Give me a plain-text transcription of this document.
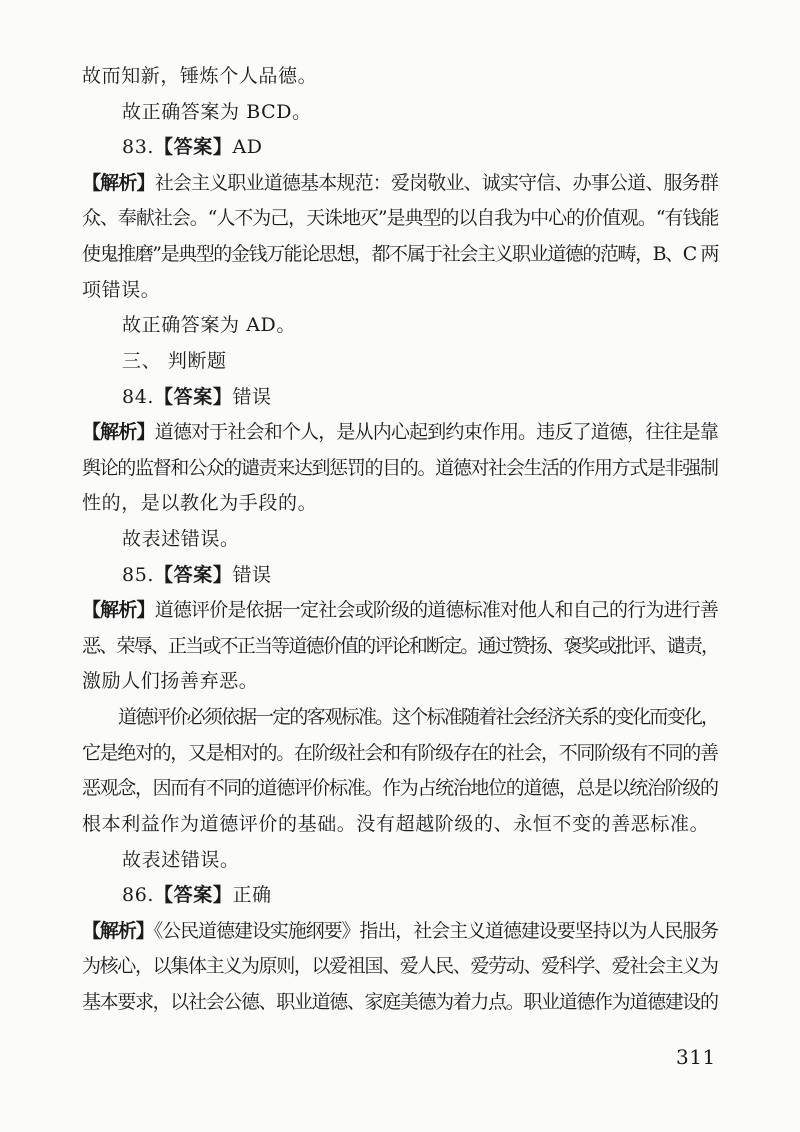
故而知新，锤炼个人品德。
故正确答案为 BCD。
83.【答案】AD
【解析】社会主义职业道德基本规范：爱岗敬业、诚实守信、办事公道、服务群
众、奉献社会。“人不为己，天诛地灭”是典型的以自我为中心的价值观。“有钱能
使鬼推磨”是典型的金钱万能论思想，都不属于社会主义职业道德的范畴，B、C 两
项错误。
故正确答案为 AD。
三、 判断题
84.【答案】错误
【解析】道德对于社会和个人，是从内心起到约束作用。违反了道德，往往是靠
舆论的监督和公众的谴责来达到惩罚的目的。道德对社会生活的作用方式是非强制
性的，是以教化为手段的。
故表述错误。
85.【答案】错误
【解析】道德评价是依据一定社会或阶级的道德标准对他人和自己的行为进行善
恶、荣辱、正当或不正当等道德价值的评论和断定。通过赞扬、褒奖或批评、谴责，
激励人们扬善弃恶。
道德评价必须依据一定的客观标准。这个标准随着社会经济关系的变化而变化，
它是绝对的，又是相对的。在阶级社会和有阶级存在的社会，不同阶级有不同的善
恶观念，因而有不同的道德评价标准。作为占统治地位的道德，总是以统治阶级的
根本利益作为道德评价的基础。没有超越阶级的、永恒不变的善恶标准。
故表述错误。
86.【答案】正确
【解析】《公民道德建设实施纲要》指出，社会主义道德建设要坚持以为人民服务
为核心，以集体主义为原则，以爱祖国、爱人民、爱劳动、爱科学、爱社会主义为
基本要求，以社会公德、职业道德、家庭美德为着力点。职业道德作为道德建设的
311
